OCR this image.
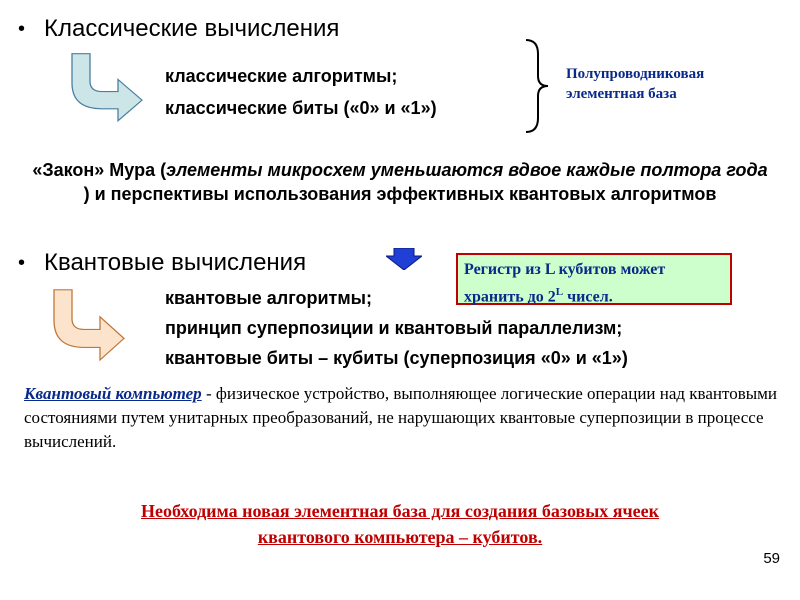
• Классические вычисления
классические алгоритмы;
классические биты («0» и «1»)
Полупроводниковая элементная база
«Закон» Мура (элементы микросхем уменьшаются вдвое каждые полтора года ) и перспективы использования эффективных квантовых алгоритмов
• Квантовые вычисления	Регистр из L кубитов может
хранить до $2^L$ чисел.
квантовые алгоритмы;
принцип суперпозиции и квантовый параллелизм;
квантовые биты – кубиты (суперпозиция «0» и «1»)
Квантовый компьютер - физическое устройство, выполняющее логические операции над квантовыми состояниями путем унитарных преобразований, не нарушающих квантовые суперпозиции в процессе вычислений.
Необходима новая элементная база для создания базовых ячеек
квантового компьютера – кубитов.
59
